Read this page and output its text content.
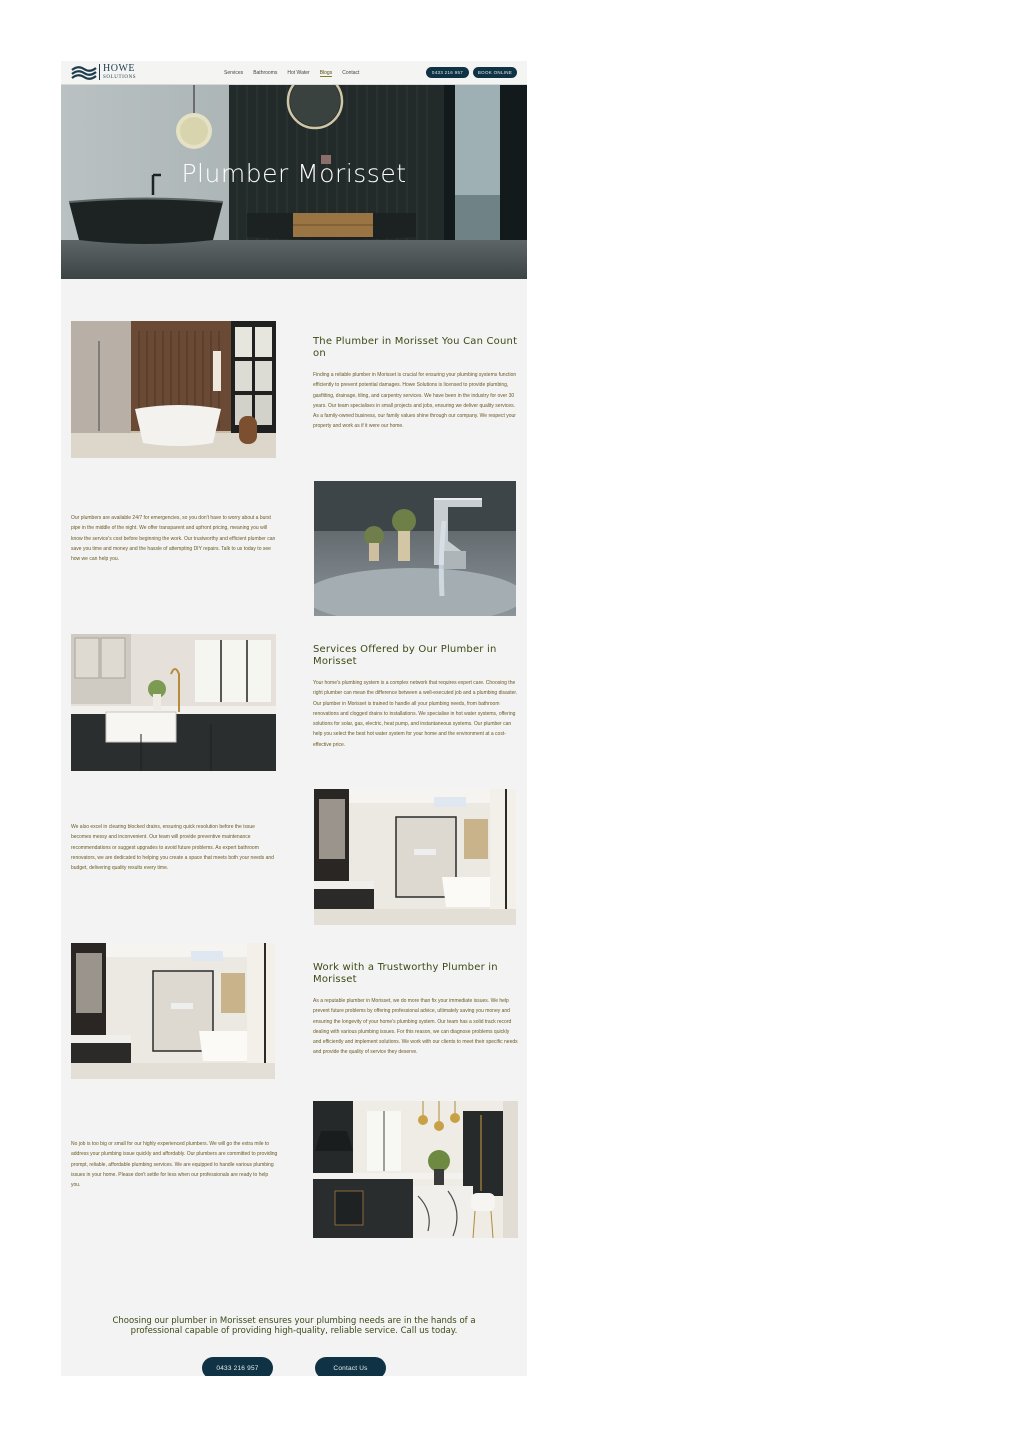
HOWE
SOLUTIONS
Services Bathrooms Hot Water Blogs Contact	0433 216 957	BOOK ONLINE
Plumber Morisset
The Plumber in Morisset You Can Count on
Finding a reliable plumber in Morisset is crucial for ensuring your plumbing systems function efficiently to prevent potential damages. Howe Solutions is licensed to provide plumbing, gasfitting, drainage, tiling, and carpentry services. We have been in the industry for over 30 years. Our team specialises in small projects and jobs, ensuring we deliver quality services. As a family-owned business, our family values shine through our company. We respect your property and work as if it were our home.
Our plumbers are available 24/7 for emergencies, so you don't have to worry about a burst pipe in the middle of the night. We offer transparent and upfront pricing, meaning you will know the service's cost before beginning the work. Our trustworthy and efficient plumber can save you time and money and the hassle of attempting DIY repairs. Talk to us today to see how we can help you.
Services Offered by Our Plumber in Morisset
Your home's plumbing system is a complex network that requires expert care. Choosing the right plumber can mean the difference between a well-executed job and a plumbing disaster. Our plumber in Morisset is trained to handle all your plumbing needs, from bathroom renovations and clogged drains to installations. We specialise in hot water systems, offering solutions for solar, gas, electric, heat pump, and instantaneous systems. Our plumber can help you select the best hot water system for your home and the environment at a cost-effective price.
We also excel in clearing blocked drains, ensuring quick resolution before the issue becomes messy and inconvenient. Our team will provide preventive maintenance recommendations or suggest upgrades to avoid future problems. As expert bathroom renovators, we are dedicated to helping you create a space that meets both your needs and budget, delivering quality results every time.
Work with a Trustworthy Plumber in Morisset
As a reputable plumber in Morisset, we do more than fix your immediate issues. We help prevent future problems by offering professional advice, ultimately saving you money and ensuring the longevity of your home's plumbing system. Our team has a solid track record dealing with various plumbing issues. For this reason, we can diagnose problems quickly and efficiently and implement solutions. We work with our clients to meet their specific needs and provide the quality of service they deserve.
No job is too big or small for our highly experienced plumbers. We will go the extra mile to address your plumbing issue quickly and affordably. Our plumbers are committed to providing prompt, reliable, affordable plumbing services. We are equipped to handle various plumbing issues in your home. Please don't settle for less when our professionals are ready to help you.
Choosing our plumber in Morisset ensures your plumbing needs are in the hands of a professional capable of providing high-quality, reliable service. Call us today.
0433 216 957	Contact Us
